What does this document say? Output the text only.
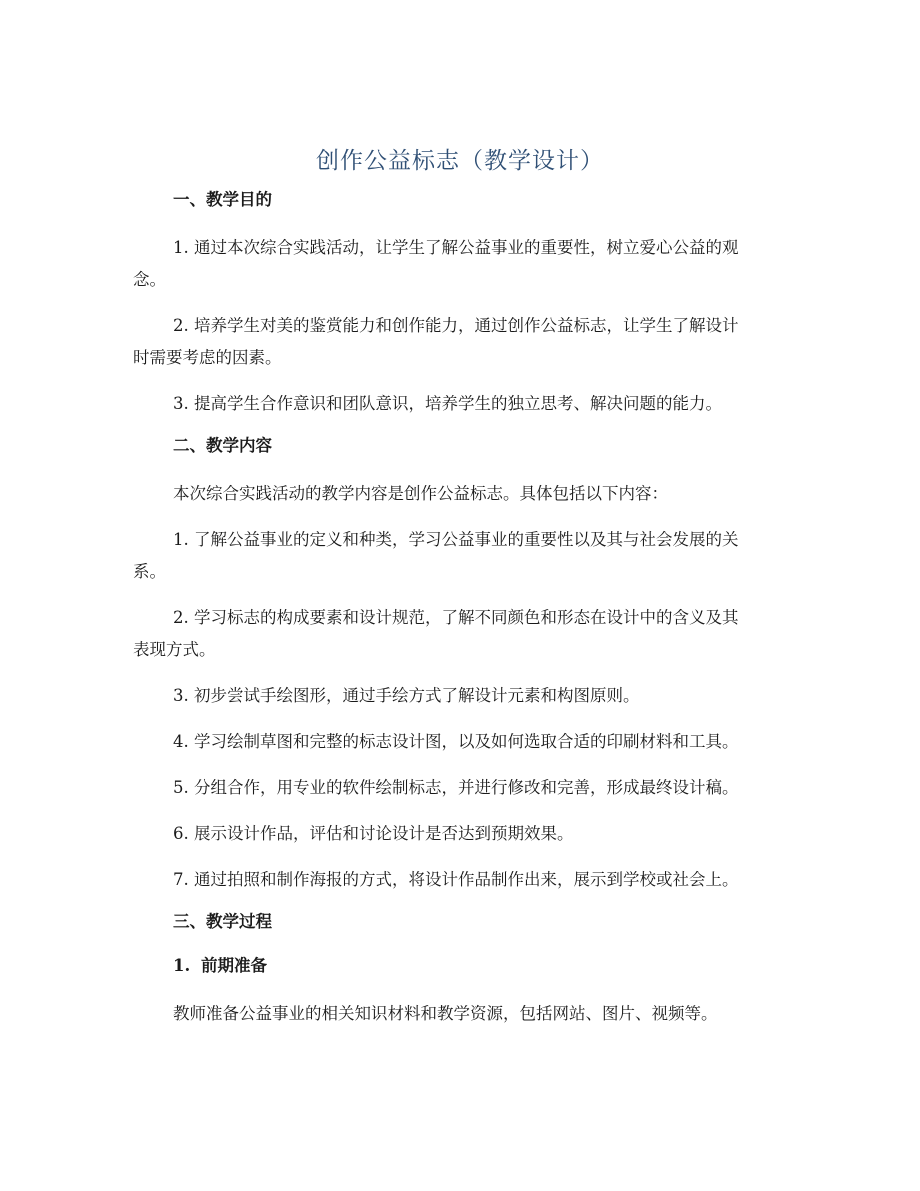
创作公益标志（教学设计）
一、教学目的
1. 通过本次综合实践活动，让学生了解公益事业的重要性，树立爱心公益的观
念。
2. 培养学生对美的鉴赏能力和创作能力，通过创作公益标志，让学生了解设计
时需要考虑的因素。
3. 提高学生合作意识和团队意识，培养学生的独立思考、解决问题的能力。
二、教学内容
本次综合实践活动的教学内容是创作公益标志。具体包括以下内容：
1. 了解公益事业的定义和种类，学习公益事业的重要性以及其与社会发展的关
系。
2. 学习标志的构成要素和设计规范，了解不同颜色和形态在设计中的含义及其
表现方式。
3. 初步尝试手绘图形，通过手绘方式了解设计元素和构图原则。
4. 学习绘制草图和完整的标志设计图，以及如何选取合适的印刷材料和工具。
5. 分组合作，用专业的软件绘制标志，并进行修改和完善，形成最终设计稿。
6. 展示设计作品，评估和讨论设计是否达到预期效果。
7. 通过拍照和制作海报的方式，将设计作品制作出来，展示到学校或社会上。
三、教学过程
1. 前期准备
教师准备公益事业的相关知识材料和教学资源，包括网站、图片、视频等。
